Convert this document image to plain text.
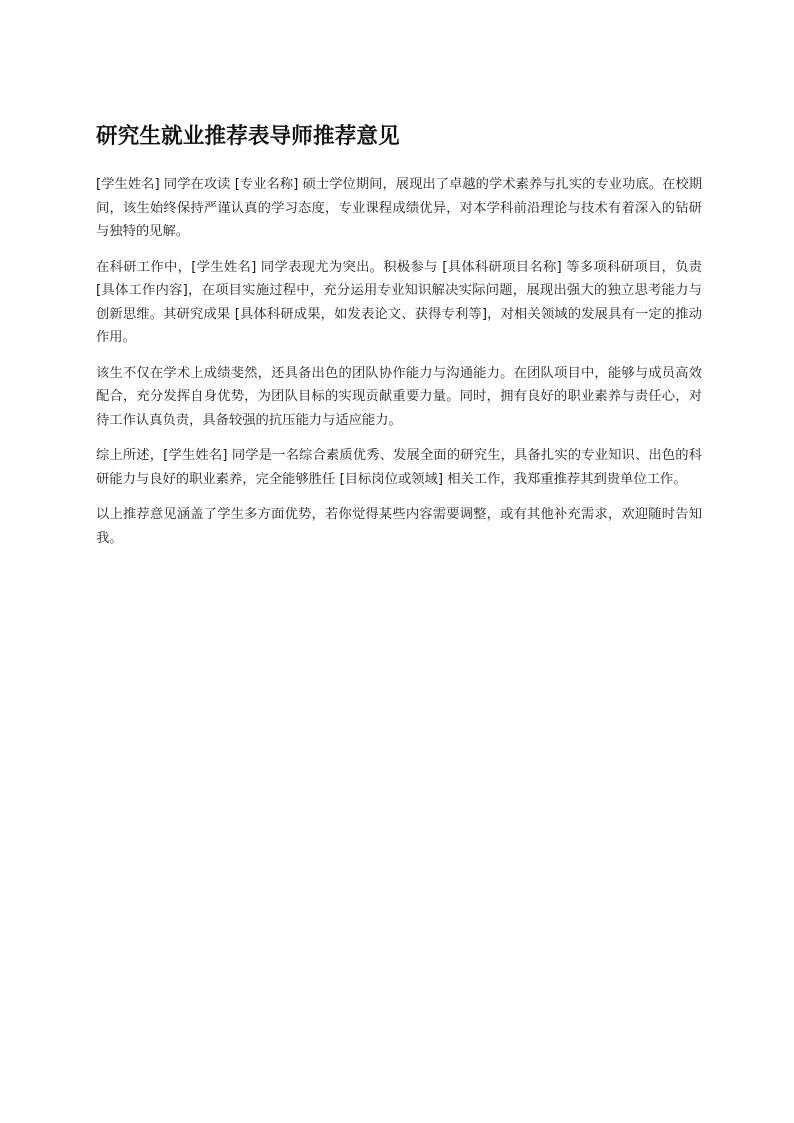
研究生就业推荐表导师推荐意见

[学生姓名] 同学在攻读 [专业名称] 硕士学位期间，展现出了卓越的学术素养与扎实的专业功底。在校期间，该生始终保持严谨认真的学习态度，专业课程成绩优异，对本学科前沿理论与技术有着深入的钻研与独特的见解。

在科研工作中，[学生姓名] 同学表现尤为突出。积极参与 [具体科研项目名称] 等多项科研项目，负责 [具体工作内容]，在项目实施过程中，充分运用专业知识解决实际问题，展现出强大的独立思考能力与创新思维。其研究成果 [具体科研成果，如发表论文、获得专利等]，对相关领域的发展具有一定的推动作用。

该生不仅在学术上成绩斐然，还具备出色的团队协作能力与沟通能力。在团队项目中，能够与成员高效配合，充分发挥自身优势，为团队目标的实现贡献重要力量。同时，拥有良好的职业素养与责任心，对待工作认真负责，具备较强的抗压能力与适应能力。

综上所述，[学生姓名] 同学是一名综合素质优秀、发展全面的研究生，具备扎实的专业知识、出色的科研能力与良好的职业素养，完全能够胜任 [目标岗位或领域] 相关工作，我郑重推荐其到贵单位工作。

以上推荐意见涵盖了学生多方面优势，若你觉得某些内容需要调整，或有其他补充需求，欢迎随时告知我。
